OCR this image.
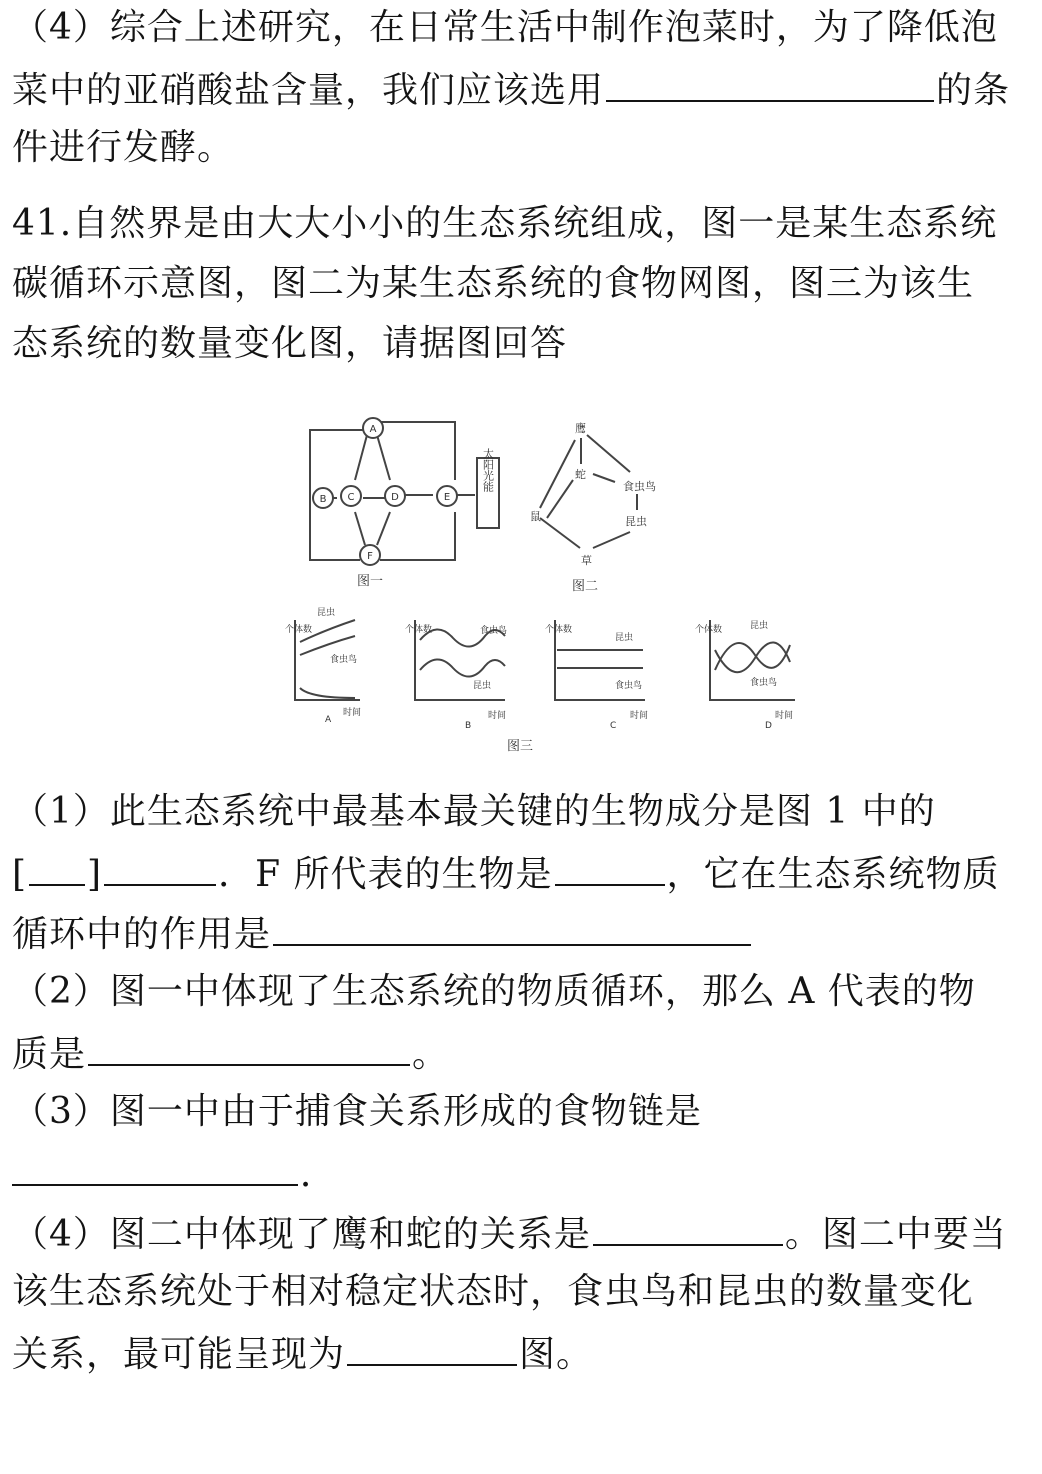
（4）综合上述研究，在日常生活中制作泡菜时，为了降低泡
菜中的亚硝酸盐含量，我们应该选用	的条
件进行发酵。
41.自然界是由大大小小的生态系统组成，图一是某生态系统
碳循环示意图，图二为某生态系统的食物网图，图三为该生
态系统的数量变化图，请据图回答
A
B C	D	E
F
太阳光能
图一
鹰
蛇
食虫鸟
鼠	昆虫
草
图二
个体数
昆虫
食虫鸟
时间
A
个体数	食虫鸟
昆虫
时间
B
个体数
昆虫
食虫鸟
时间
C
个体数	昆虫
食虫鸟
时间
D
图三
（1）此生态系统中最基本最关键的生物成分是图 1 中的
[ ]	．F 所代表的生物是	，它在生态系统物质
循环中的作用是
（2）图一中体现了生态系统的物质循环，那么 A 代表的物
质是	。
（3）图一中由于捕食关系形成的食物链是
．
（4）图二中体现了鹰和蛇的关系是	。图二中要当
该生态系统处于相对稳定状态时，食虫鸟和昆虫的数量变化
关系，最可能呈现为	图。
